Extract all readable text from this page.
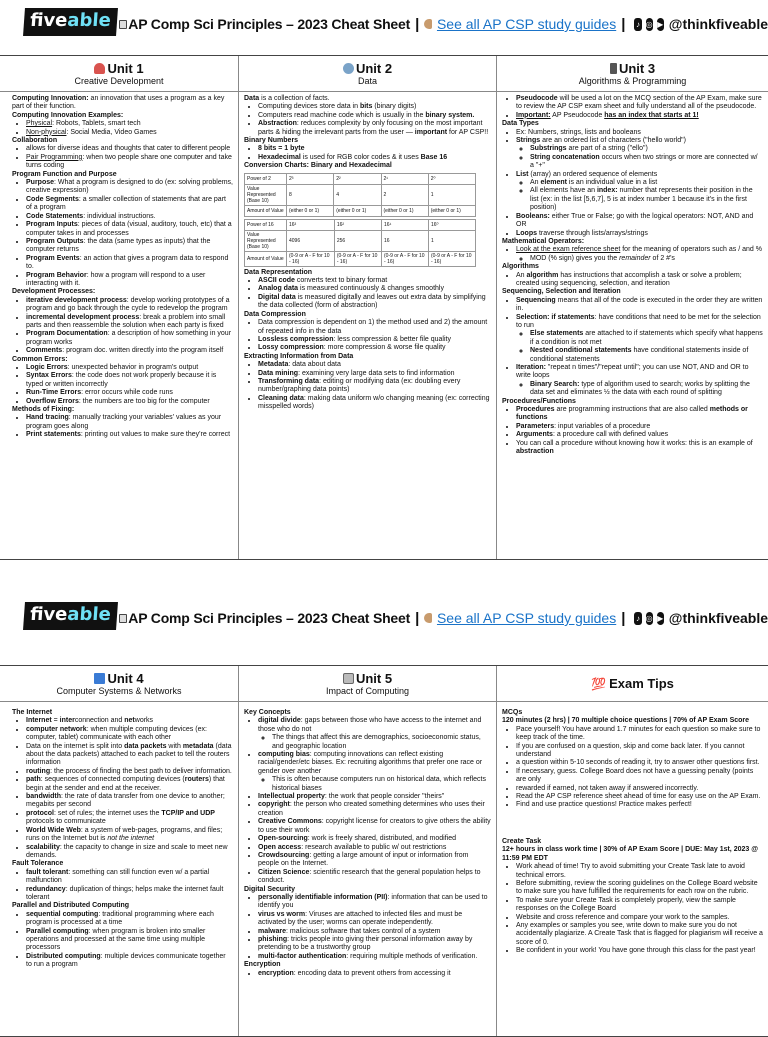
fiveable	AP Comp Sci Principles – 2023 Cheat Sheet | See all AP CSP study guides | ♪ ◎ ▶ @thinkfiveable
Unit 1
Creative Development
Computing Innovation: an innovation that uses a program as a key part of their function.
Computing Innovation Examples:
• Physical: Robots, Tablets, smart tech
• Non-physical: Social Media, Video Games
Collaboration
• allows for diverse ideas and thoughts that cater to different people
• Pair Programming: when two people share one computer and take turns coding
Program Function and Purpose
• Purpose: What a program is designed to do (ex: solving problems, creative expression)
• Code Segments: a smaller collection of statements that are part of a program
• Code Statements: individual instructions.
• Program Inputs: pieces of data (visual, auditory, touch, etc) that a computer takes in and processes
• Program Outputs: the data (same types as inputs) that the computer returns
• Program Events: an action that gives a program data to respond to.
• Program Behavior: how a program will respond to a user interacting with it.
Development Processes:
• iterative development process: develop working prototypes of a program and go back through the cycle to redevelop the program
• incremental development process: break a problem into small parts and then reassemble the solution when each party is fixed
• Program Documentation: a description of how something in your program works
• Comments: program doc. written directly into the program itself
Common Errors:
• Logic Errors: unexpected behavior in program's output
• Syntax Errors: the code does not work properly because it is typed or written incorrectly
• Run-Time Errors: error occurs while code runs
• Overflow Errors: the numbers are too big for the computer
Methods of Fixing:
• Hand tracing: manually tracking your variables' values as your program goes along
• Print statements: printing out values to make sure they're correct
Unit 2
Data
Data is a collection of facts.
• Computing devices store data in bits (binary digits)
• Computers read machine code which is usually in the binary system.
• Abstraction: reduces complexity by only focusing on the most important parts & hiding the irrelevant parts from the user — important for AP CSP!!
Binary Numbers
• 8 bits = 1 byte
• Hexadecimal is used for RGB color codes & it uses Base 16
Conversion Charts: Binary and Hexadecimal
Power of 2	2³	2²	2¹	2⁰
Value Represented (Base 10)	8	4	2	1
Amount of Value	(either 0 or 1)	(either 0 or 1)	(either 0 or 1)	(either 0 or 1)
Power of 16	16³	16²	16¹	16⁰
Value Represented (Base 10)	4096	256	16	1
Amount of Value	(0-9 or A - F for 10 - 16)	(0-9 or A - F for 10 - 16)	(0-9 or A - F for 10 - 16)	(0-9 or A - F for 10 - 16)
Data Representation
• ASCII code converts text to binary format
• Analog data is measured continuously & changes smoothly
• Digital data is measured digitally and leaves out extra data by simplifying the data collected (form of abstraction)
Data Compression
• Data compression is dependent on 1) the method used and 2) the amount of repeated info in the data
• Lossless compression: less compression & better file quality
• Lossy compression: more compression & worse file quality
Extracting Information from Data
• Metadata: data about data
• Data mining: examining very large data sets to find information
• Transforming data: editing or modifying data (ex: doubling every number/graphing data points)
• Cleaning data: making data uniform w/o changing meaning (ex: correcting misspelled words)
Unit 3
Algorithms & Programming
• Pseudocode will be used a lot on the MCQ section of the AP Exam, make sure to review the AP CSP exam sheet and fully understand all of the pseudocode.
• Important: AP Pseudocode has an index that starts at 1!
Data Types
• Ex: Numbers, strings, lists and booleans
• Strings are an ordered list of characters ("hello world")
◦ Substrings are part of a string ("ello")
◦ String concatenation occurs when two strings or more are connected w/ a "+"
• List (array) an ordered sequence of elements
◦ An element is an individual value in a list
◦ All elements have an index: number that represents their position in the list (ex: in the list [5,6,7], 5 is at index number 1 because it's in the first position)
• Booleans: either True or False; go with the logical operators: NOT, AND and OR
• Loops traverse through lists/arrays/strings
Mathematical Operators:
• Look at the exam reference sheet for the meaning of operators such as / and %
◦ MOD (% sign) gives you the remainder of 2 #'s
Algorithms
• An algorithm has instructions that accomplish a task or solve a problem; created using sequencing, selection, and iteration
Sequencing, Selection and Iteration
• Sequencing means that all of the code is executed in the order they are written in.
• Selection: if statements: have conditions that need to be met for the selection to run
◦ Else statements are attached to if statements which specify what happens if a condition is not met
◦ Nested conditional statements have conditional statements inside of conditional statements
• Iteration: "repeat n times"/"repeat until"; you can use NOT, AND and OR to write loops
◦ Binary Search: type of algorithm used to search; works by splitting the data set and eliminates ½ the data with each round of splitting
Procedures/Functions
• Procedures are programming instructions that are also called methods or functions
• Parameters: input variables of a procedure
• Arguments: a procedure call with defined values
• You can call a procedure without knowing how it works: this is an example of abstraction
fiveable	AP Comp Sci Principles – 2023 Cheat Sheet | See all AP CSP study guides | ♪ ◎ ▶ @thinkfiveable
Unit 4
Computer Systems & Networks
The Internet
• Internet = interconnection and networks
• computer network: when multiple computing devices (ex: computer, tablet) communicate with each other
• Data on the internet is split into data packets with metadata (data about the data packets) attached to each packet to tell the routers information
• routing: the process of finding the best path to deliver information.
• path: sequences of connected computing devices (routers) that begin at the sender and end at the receiver.
• bandwidth: the rate of data transfer from one device to another; megabits per second
• protocol: set of rules; the internet uses the TCP/IP and UDP protocols to communicate
• World Wide Web: a system of web-pages, programs, and files; runs on the Internet but is not the internet
• scalability: the capacity to change in size and scale to meet new demands.
Fault Tolerance
• fault tolerant: something can still function even w/ a partial malfunction
• redundancy: duplication of things; helps make the internet fault tolerant
Parallel and Distributed Computing
• sequential computing: traditional programming where each program is processed at a time
• Parallel computing: when program is broken into smaller operations and processed at the same time using multiple processors
• Distributed computing: multiple devices communicate together to run a program
Unit 5
Impact of Computing
Key Concepts
• digital divide: gaps between those who have access to the internet and those who do not
◦ The things that affect this are demographics, socioeconomic status, and geographic location
• computing bias: computing innovations can reflect existing racial/gender/etc biases. Ex: recruiting algorithms that prefer one race or gender over another
◦ This is often because computers run on historical data, which reflects historical biases
• Intellectual property: the work that people consider "theirs"
• copyright: the person who created something determines who uses their creation
• Creative Commons: copyright license for creators to give others the ability to use their work
• Open-sourcing: work is freely shared, distributed, and modified
• Open access: research available to public w/ out restrictions
• Crowdsourcing: getting a large amount of input or information from people on the Internet.
• Citizen Science: scientific research that the general population helps to conduct.
Digital Security
• personally identifiable information (PII): information that can be used to identify you
• virus vs worm: Viruses are attached to infected files and must be activated by the user; worms can operate independently.
• malware: malicious software that takes control of a system
• phishing: tricks people into giving their personal information away by pretending to be a trustworthy group
• multi-factor authentication: requiring multiple methods of verification.
Encryption
• encryption: encoding data to prevent others from accessing it
💯 Exam Tips
MCQs
120 minutes (2 hrs) | 70 multiple choice questions | 70% of AP Exam Score
• Pace yourself! You have around 1.7 minutes for each question so make sure to keep track of the time.
• If you are confused on a question, skip and come back later. If you cannot understand
• a question within 5-10 seconds of reading it, try to answer other questions first.
• If necessary, guess. College Board does not have a guessing penalty (points are only
• rewarded if earned, not taken away if answered incorrectly.
• Read the AP CSP reference sheet ahead of time for easy use on the AP Exam.
• Find and use practice questions! Practice makes perfect!
Create Task
12+ hours in class work time | 30% of AP Exam Score | DUE: May 1st, 2023 @ 11:59 PM EDT
• Work ahead of time! Try to avoid submitting your Create Task late to avoid technical errors.
• Before submitting, review the scoring guidelines on the College Board website to make sure you have fulfilled the requirements for each row on the rubric.
• To make sure your Create Task is completely properly, view the sample responses on the College Board
• Website and cross reference and compare your work to the samples.
• Any examples or samples you see, write down to make sure you do not accidentally plagiarize. A Create Task that is flagged for plagiarism will receive a score of 0.
• Be confident in your work! You have gone through this class for the past year!
